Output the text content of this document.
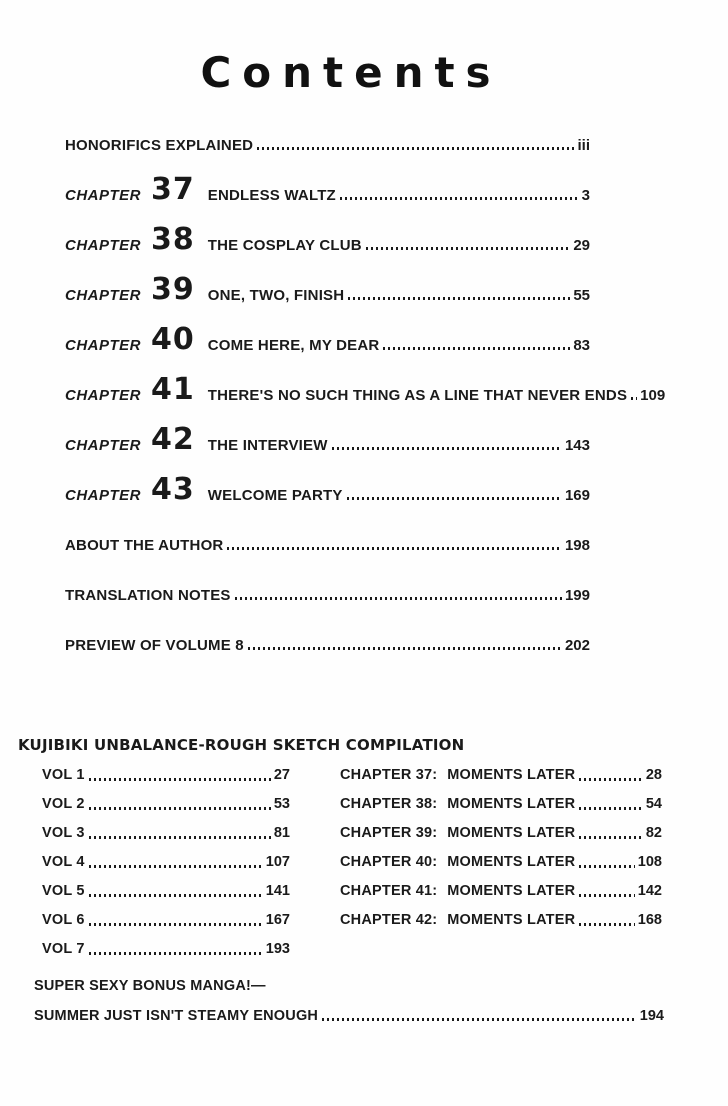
Contents
HONORIFICS EXPLAINED	iii
CHAPTER 37 ENDLESS WALTZ	3
CHAPTER 38 THE COSPLAY CLUB	29
CHAPTER 39 ONE, TWO, FINISH	55
CHAPTER 40 COME HERE, MY DEAR	83
CHAPTER 41 THERE'S NO SUCH THING AS A LINE THAT NEVER ENDS 109
CHAPTER 42 THE INTERVIEW	143
CHAPTER 43 WELCOME PARTY	169
ABOUT THE AUTHOR	198
TRANSLATION NOTES	199
PREVIEW OF VOLUME 8	202
KUJIBIKI UNBALANCE-ROUGH SKETCH COMPILATION
VOL 1	27
VOL 2	53
VOL 3	81
VOL 4	107
VOL 5	141
VOL 6	167
VOL 7	193
CHAPTER 37: MOMENTS LATER	28
CHAPTER 38: MOMENTS LATER	54
CHAPTER 39: MOMENTS LATER	82
CHAPTER 40: MOMENTS LATER	108
CHAPTER 41: MOMENTS LATER	142
CHAPTER 42: MOMENTS LATER	168
SUPER SEXY BONUS MANGA!—
SUMMER JUST ISN'T STEAMY ENOUGH	194
